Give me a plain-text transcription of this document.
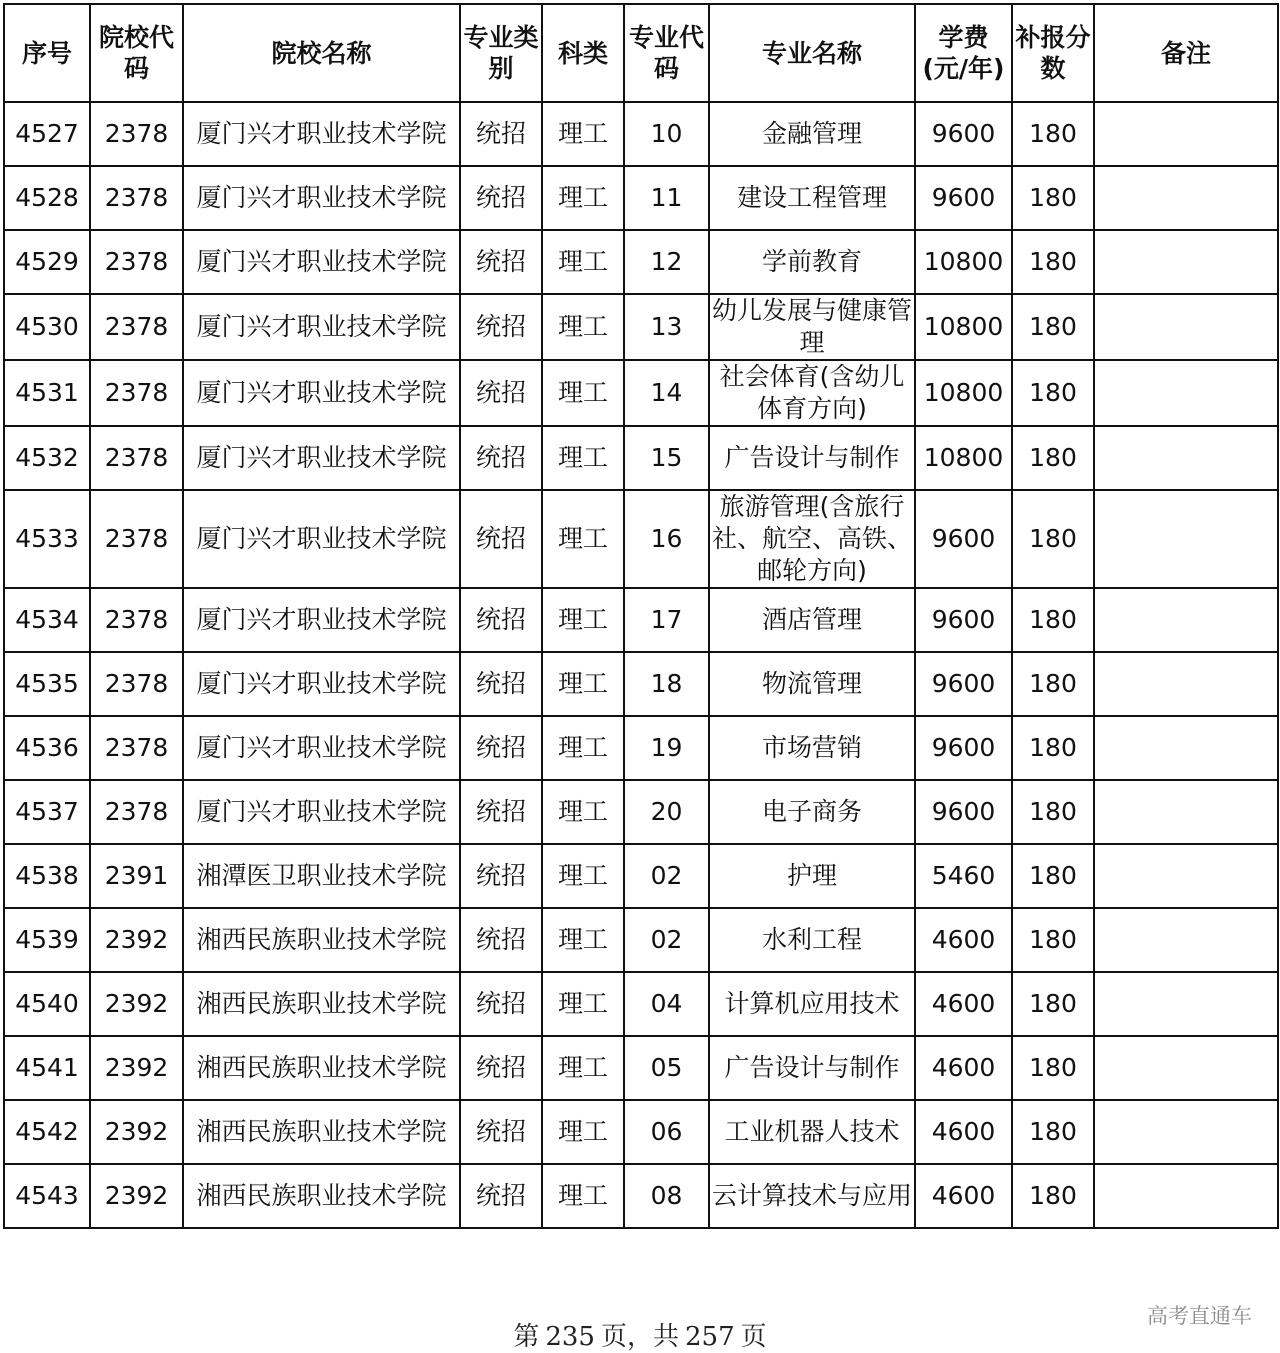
序号	院校代码	院校名称	专业类别	科类	专业代码	专业名称	学费(元/年)	补报分数	备注
4527	2378	厦门兴才职业技术学院	统招	理工	10	金融管理	9600	180	
4528	2378	厦门兴才职业技术学院	统招	理工	11	建设工程管理	9600	180	
4529	2378	厦门兴才职业技术学院	统招	理工	12	学前教育	10800	180	
4530	2378	厦门兴才职业技术学院	统招	理工	13	幼儿发展与健康管理	10800	180	
4531	2378	厦门兴才职业技术学院	统招	理工	14	社会体育(含幼儿体育方向)	10800	180	
4532	2378	厦门兴才职业技术学院	统招	理工	15	广告设计与制作	10800	180	
4533	2378	厦门兴才职业技术学院	统招	理工	16	旅游管理(含旅行社、航空、高铁、邮轮方向)	9600	180	
4534	2378	厦门兴才职业技术学院	统招	理工	17	酒店管理	9600	180	
4535	2378	厦门兴才职业技术学院	统招	理工	18	物流管理	9600	180	
4536	2378	厦门兴才职业技术学院	统招	理工	19	市场营销	9600	180	
4537	2378	厦门兴才职业技术学院	统招	理工	20	电子商务	9600	180	
4538	2391	湘潭医卫职业技术学院	统招	理工	02	护理	5460	180	
4539	2392	湘西民族职业技术学院	统招	理工	02	水利工程	4600	180	
4540	2392	湘西民族职业技术学院	统招	理工	04	计算机应用技术	4600	180	
4541	2392	湘西民族职业技术学院	统招	理工	05	广告设计与制作	4600	180	
4542	2392	湘西民族职业技术学院	统招	理工	06	工业机器人技术	4600	180	
4543	2392	湘西民族职业技术学院	统招	理工	08	云计算技术与应用	4600	180	
第 235 页，共 257 页
高考直通车
